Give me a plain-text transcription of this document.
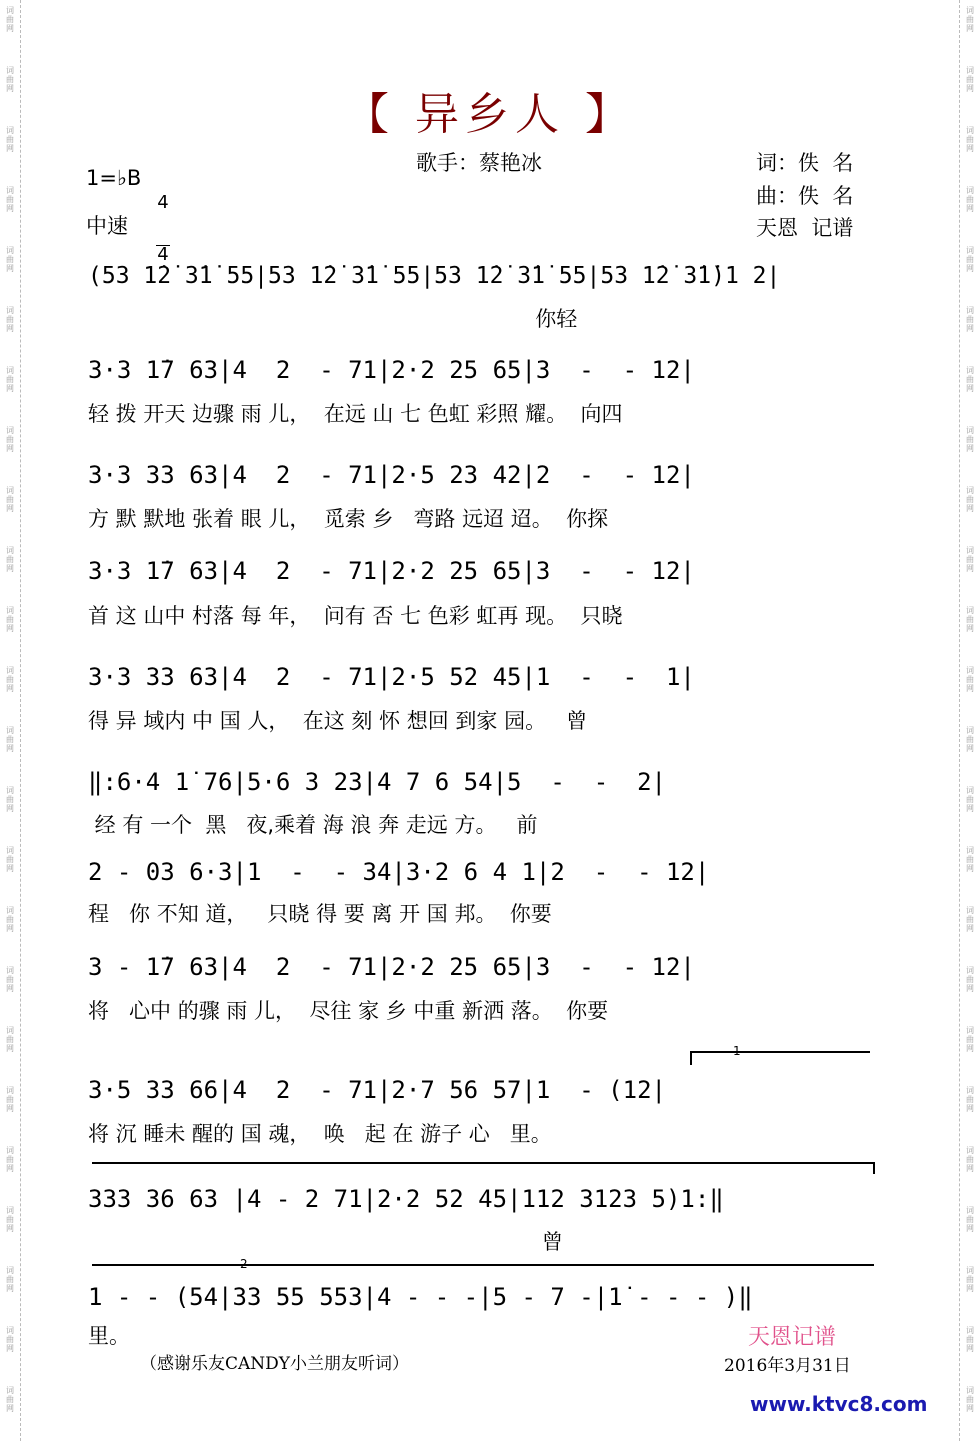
词曲网
词曲网
词曲网
词曲网
词曲网
词曲网
词曲网
词曲网
词曲网
词曲网
词曲网
词曲网
词曲网
词曲网
词曲网
词曲网
词曲网
词曲网
词曲网
词曲网
词曲网
词曲网
词曲网
词曲网
词曲网
词曲网
词曲网
词曲网
词曲网
词曲网
词曲网
词曲网
词曲网
词曲网
词曲网
词曲网
词曲网
词曲网
词曲网
词曲网
词曲网
词曲网
词曲网
词曲网
词曲网
词曲网
词曲网
词曲网
【 异乡人 】
歌手：蔡艳冰
1=♭B

4

4

中速
词：佚  名
曲：佚  名
天恩  记谱
(53 1̇2̇ 3̇1̇ 55|53 1̇2̇ 3̇1̇ 55|53 1̇2̇ 3̇1̇ 55|53 1̇2̇ 3̇1̇)1 2|
你轻
3·3 1̇7 63|4  2  - 71|2·2 25 65|3  -  - 12|
轻 拨 开天 边骤 雨 儿，  在远 山 七 色虹 彩照 耀。  向四
3·3 33 63|4  2  - 71|2·5 23 42|2  -  - 12|
方 默 默地 张着 眼 儿，  觅索 乡   弯路 远迢 迢。  你探
3·3 1̇7 63|4  2  - 71|2·2 25 65|3  -  - 12|
首 这 山中 村落 每 年，  问有 否 七 色彩 虹再 现。  只晓
3·3 33 63|4  2  - 71|2·5 52 45|1  -  -  1|
得 异 域内 中 国 人，  在这 刻 怀 想回 到家 园。   曾
‖:6·4 1̇ 76|5·6 3 23|4 7 6 54|5  -  -  2|
经 有 一个  黑   夜,乘着 海 浪 奔 走远 方。   前
2 - 03 6·3|1  -  - 34|3·2 6 4 1|2  -  - 12|
程   你 不知 道，   只晓 得 要 离 开 国 邦。  你要
3 - 1̇7 63|4  2  - 71|2·2 25 65|3  -  - 12|
将   心中 的骤 雨 儿，  尽往 家 乡 中重 新洒 落。  你要
1
3·5 33 66|4  2  - 71|2·7 56 57|1  - (12|
将 沉 睡未 醒的 国 魂，  唤   起 在 游子 心   里。
333 36 63 |4 - 2 71|2·2 52 45|112 3123 5)1:‖
曾
2
1 - - (54|33 55 553|4 - - -|5 - 7 -|1̇ - - - )‖
里。	天恩记谱
（感谢乐友CANDY小兰朋友听词）	2016年3月31日
www.ktvc8.com
